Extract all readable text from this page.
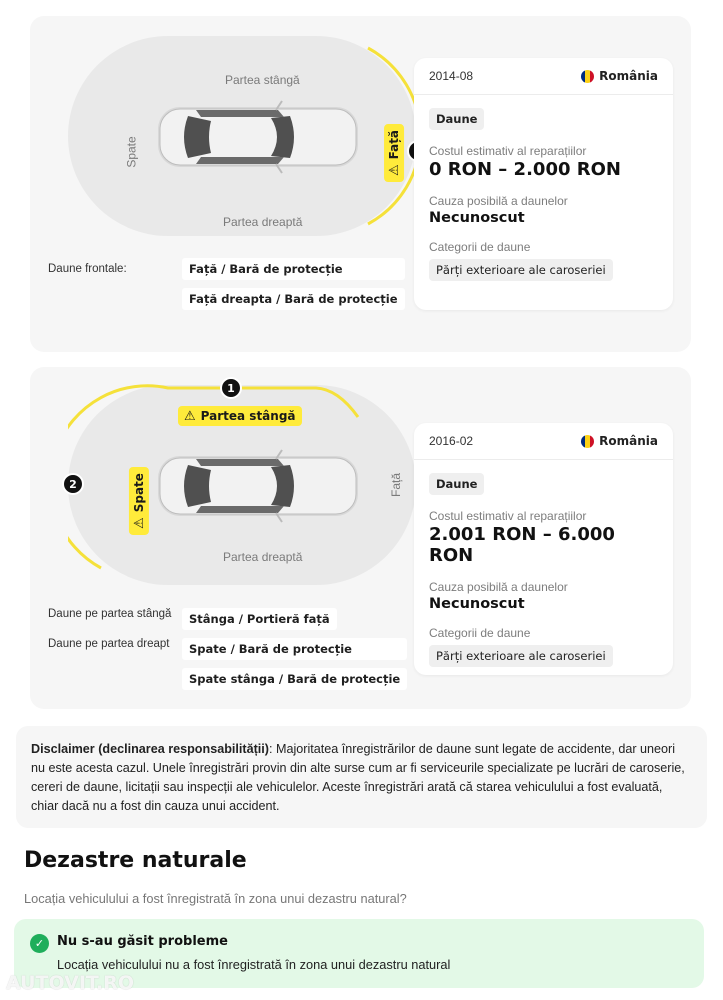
Partea stângă
Partea dreaptă
Spate
⚠
Față
Daune frontale:	Față / Bară de protecție
Față dreapta / Bară de protecție
2014-08	România
Daune
Costul estimativ al reparațiilor
0 RON – 2.000 RON
Cauza posibilă a daunelor
Necunoscut
Categorii de daune
Părți exterioare ale caroseriei
⚠ Partea stângă
1
⚠
Spate
2
Partea dreaptă
Față
Daune pe partea stângă	Stânga / Portieră față
Daune pe partea dreapt	Spate / Bară de protecție
Spate stânga / Bară de protecție
2016-02	România
Daune
Costul estimativ al reparațiilor
2.001 RON – 6.000 RON
Cauza posibilă a daunelor
Necunoscut
Categorii de daune
Părți exterioare ale caroseriei
Disclaimer (declinarea responsabilității): Majoritatea înregistrărilor de daune sunt legate de accidente, dar uneori nu este acesta cazul. Unele înregistrări provin din alte surse cum ar fi serviceurile specializate pe lucrări de caroserie, cereri de daune, licitații sau inspecții ale vehiculelor. Aceste înregistrări arată că starea vehiculului a fost evaluată, chiar dacă nu a fost din cauza unui accident.
Dezastre naturale
Locația vehiculului a fost înregistrată în zona unui dezastru natural?
✓ Nu s-au găsit probleme
Locația vehiculului nu a fost înregistrată în zona unui dezastru natural
AUTOVIT.RO
